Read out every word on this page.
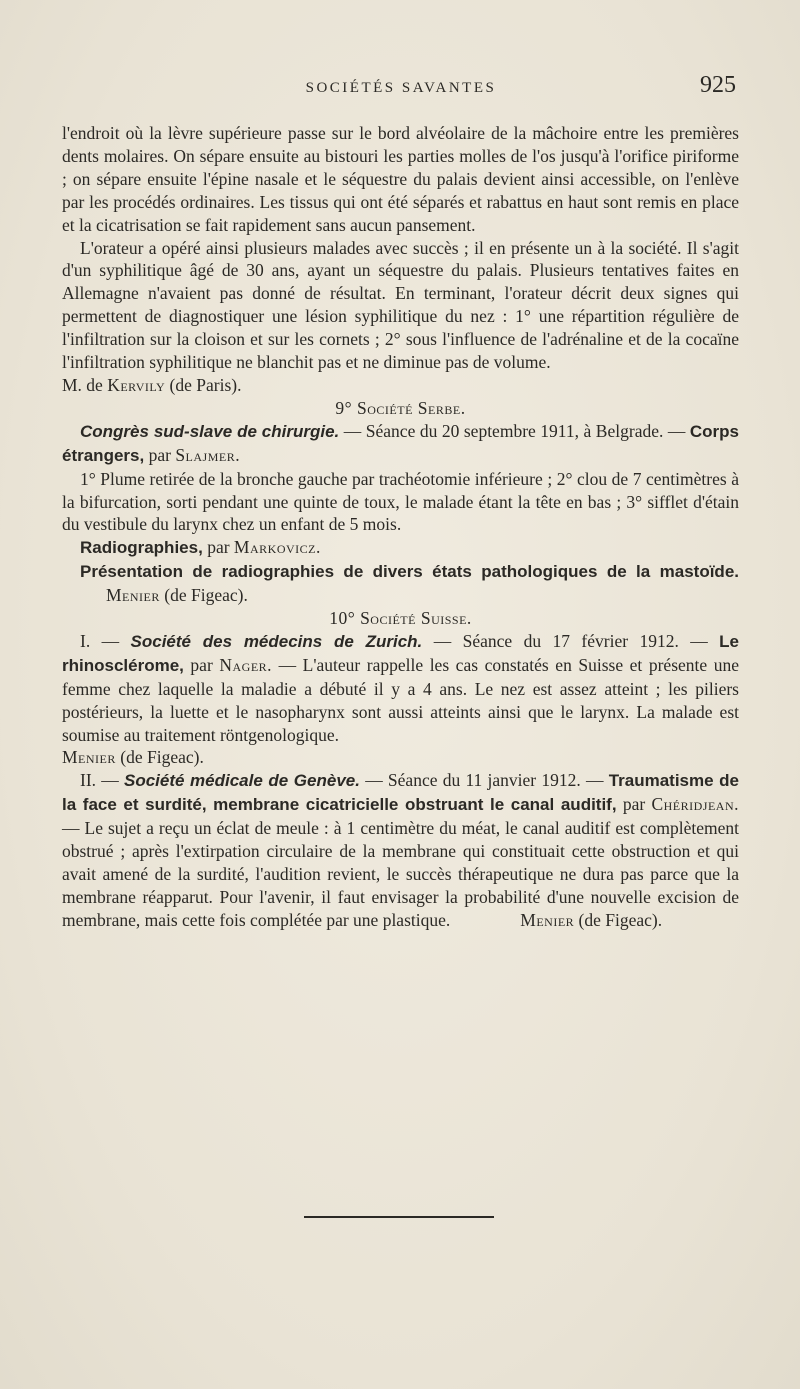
SOCIÉTÉS SAVANTES	925

l'endroit où la lèvre supérieure passe sur le bord alvéolaire de la mâchoire entre les premières dents molaires. On sépare ensuite au bistouri les parties molles de l'os jusqu'à l'orifice piriforme ; on sépare ensuite l'épine nasale et le séquestre du palais devient ainsi accessible, on l'enlève par les procédés ordinaires. Les tissus qui ont été séparés et rabattus en haut sont remis en place et la cicatrisation se fait rapidement sans aucun pansement.

L'orateur a opéré ainsi plusieurs malades avec succès ; il en présente un à la société. Il s'agit d'un syphilitique âgé de 30 ans, ayant un séquestre du palais. Plusieurs tentatives faites en Allemagne n'avaient pas donné de résultat. En terminant, l'orateur décrit deux signes qui permettent de diagnostiquer une lésion syphilitique du nez : 1° une répartition régulière de l'infiltration sur la cloison et sur les cornets ; 2° sous l'influence de l'adrénaline et de la cocaïne l'infiltration syphilitique ne blanchit pas et ne diminue pas de volume.

M. de Kervily (de Paris).

9° Société Serbe.

Congrès sud-slave de chirurgie. — Séance du 20 septembre 1911, à Belgrade. — Corps étrangers, par Slajmer.

1° Plume retirée de la bronche gauche par trachéotomie inférieure ; 2° clou de 7 centimètres à la bifurcation, sorti pendant une quinte de toux, le malade étant la tête en bas ; 3° sifflet d'étain du vestibule du larynx chez un enfant de 5 mois.

Radiographies, par Markovicz.

Présentation de radiographies de divers états pathologiques de la mastoïde.Menier (de Figeac).

10° Société Suisse.

I. — Société des médecins de Zurich. — Séance du 17 février 1912. — Le rhinosclérome, par Nager. — L'auteur rappelle les cas constatés en Suisse et présente une femme chez laquelle la maladie a débuté il y a 4 ans. Le nez est assez atteint ; les piliers postérieurs, la luette et le nasopharynx sont aussi atteints ainsi que le larynx. La malade est soumise au traitement röntgenologique.

Menier (de Figeac).

II. — Société médicale de Genève. — Séance du 11 janvier 1912. — Traumatisme de la face et surdité, membrane cicatricielle obstruant le canal auditif, par Chéridjean. — Le sujet a reçu un éclat de meule : à 1 centimètre du méat, le canal auditif est complètement obstrué ; après l'extirpation circulaire de la membrane qui constituait cette obstruction et qui avait amené de la surdité, l'audition revient, le succès thérapeutique ne dura pas parce que la membrane réapparut. Pour l'avenir, il faut envisager la probabilité d'une nouvelle excision de membrane, mais cette fois complétée par une plastique.	Menier (de Figeac).
